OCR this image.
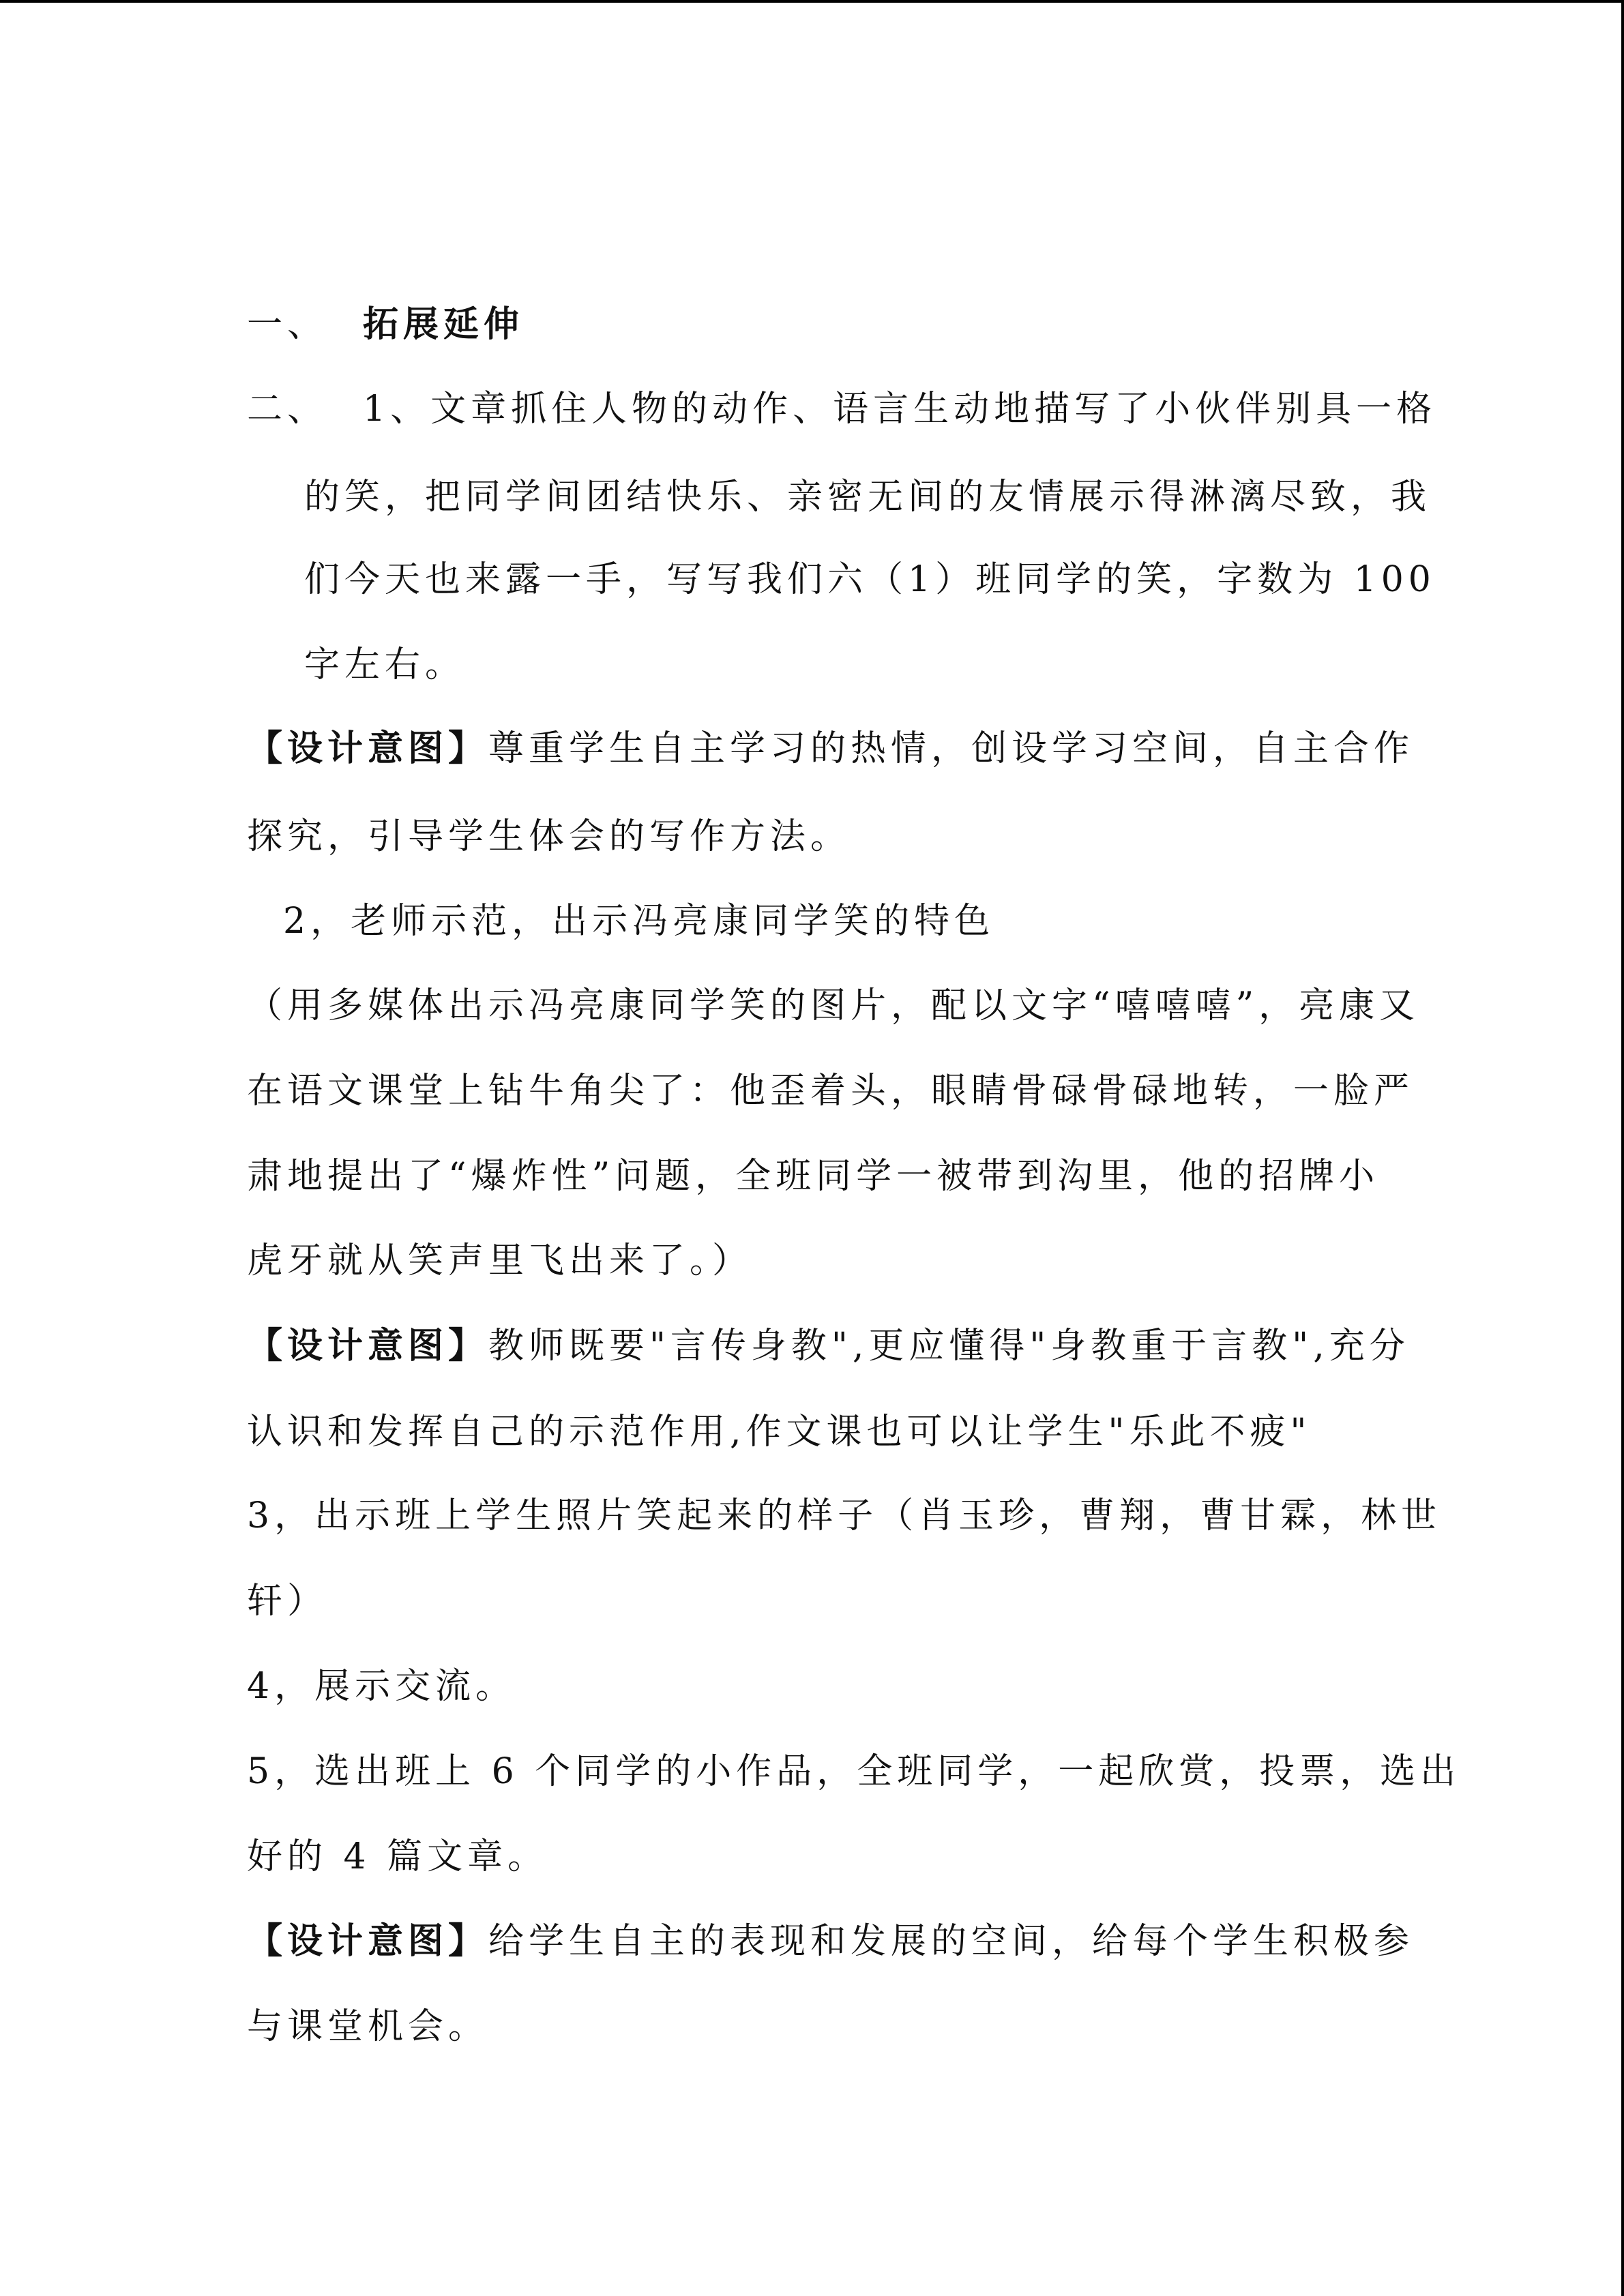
一、 拓展延伸
二、 1、文章抓住人物的动作、语言生动地描写了小伙伴别具一格
的笑，把同学间团结快乐、亲密无间的友情展示得淋漓尽致，我
们今天也来露一手，写写我们六（1）班同学的笑，字数为 100
字左右。
【设计意图】尊重学生自主学习的热情，创设学习空间，自主合作
探究，引导学生体会的写作方法。
2，老师示范，出示冯亮康同学笑的特色
（用多媒体出示冯亮康同学笑的图片，配以文字“嘻嘻嘻”，亮康又
在语文课堂上钻牛角尖了：他歪着头，眼睛骨碌骨碌地转，一脸严
肃地提出了“爆炸性”问题，全班同学一被带到沟里，他的招牌小
虎牙就从笑声里飞出来了。）
【设计意图】教师既要"言传身教",更应懂得"身教重于言教",充分
认识和发挥自己的示范作用,作文课也可以让学生"乐此不疲"
3，出示班上学生照片笑起来的样子（肖玉珍，曹翔，曹甘霖，林世
轩）
4，展示交流。
5，选出班上 6 个同学的小作品，全班同学，一起欣赏，投票，选出
好的 4 篇文章。
【设计意图】给学生自主的表现和发展的空间，给每个学生积极参
与课堂机会。
